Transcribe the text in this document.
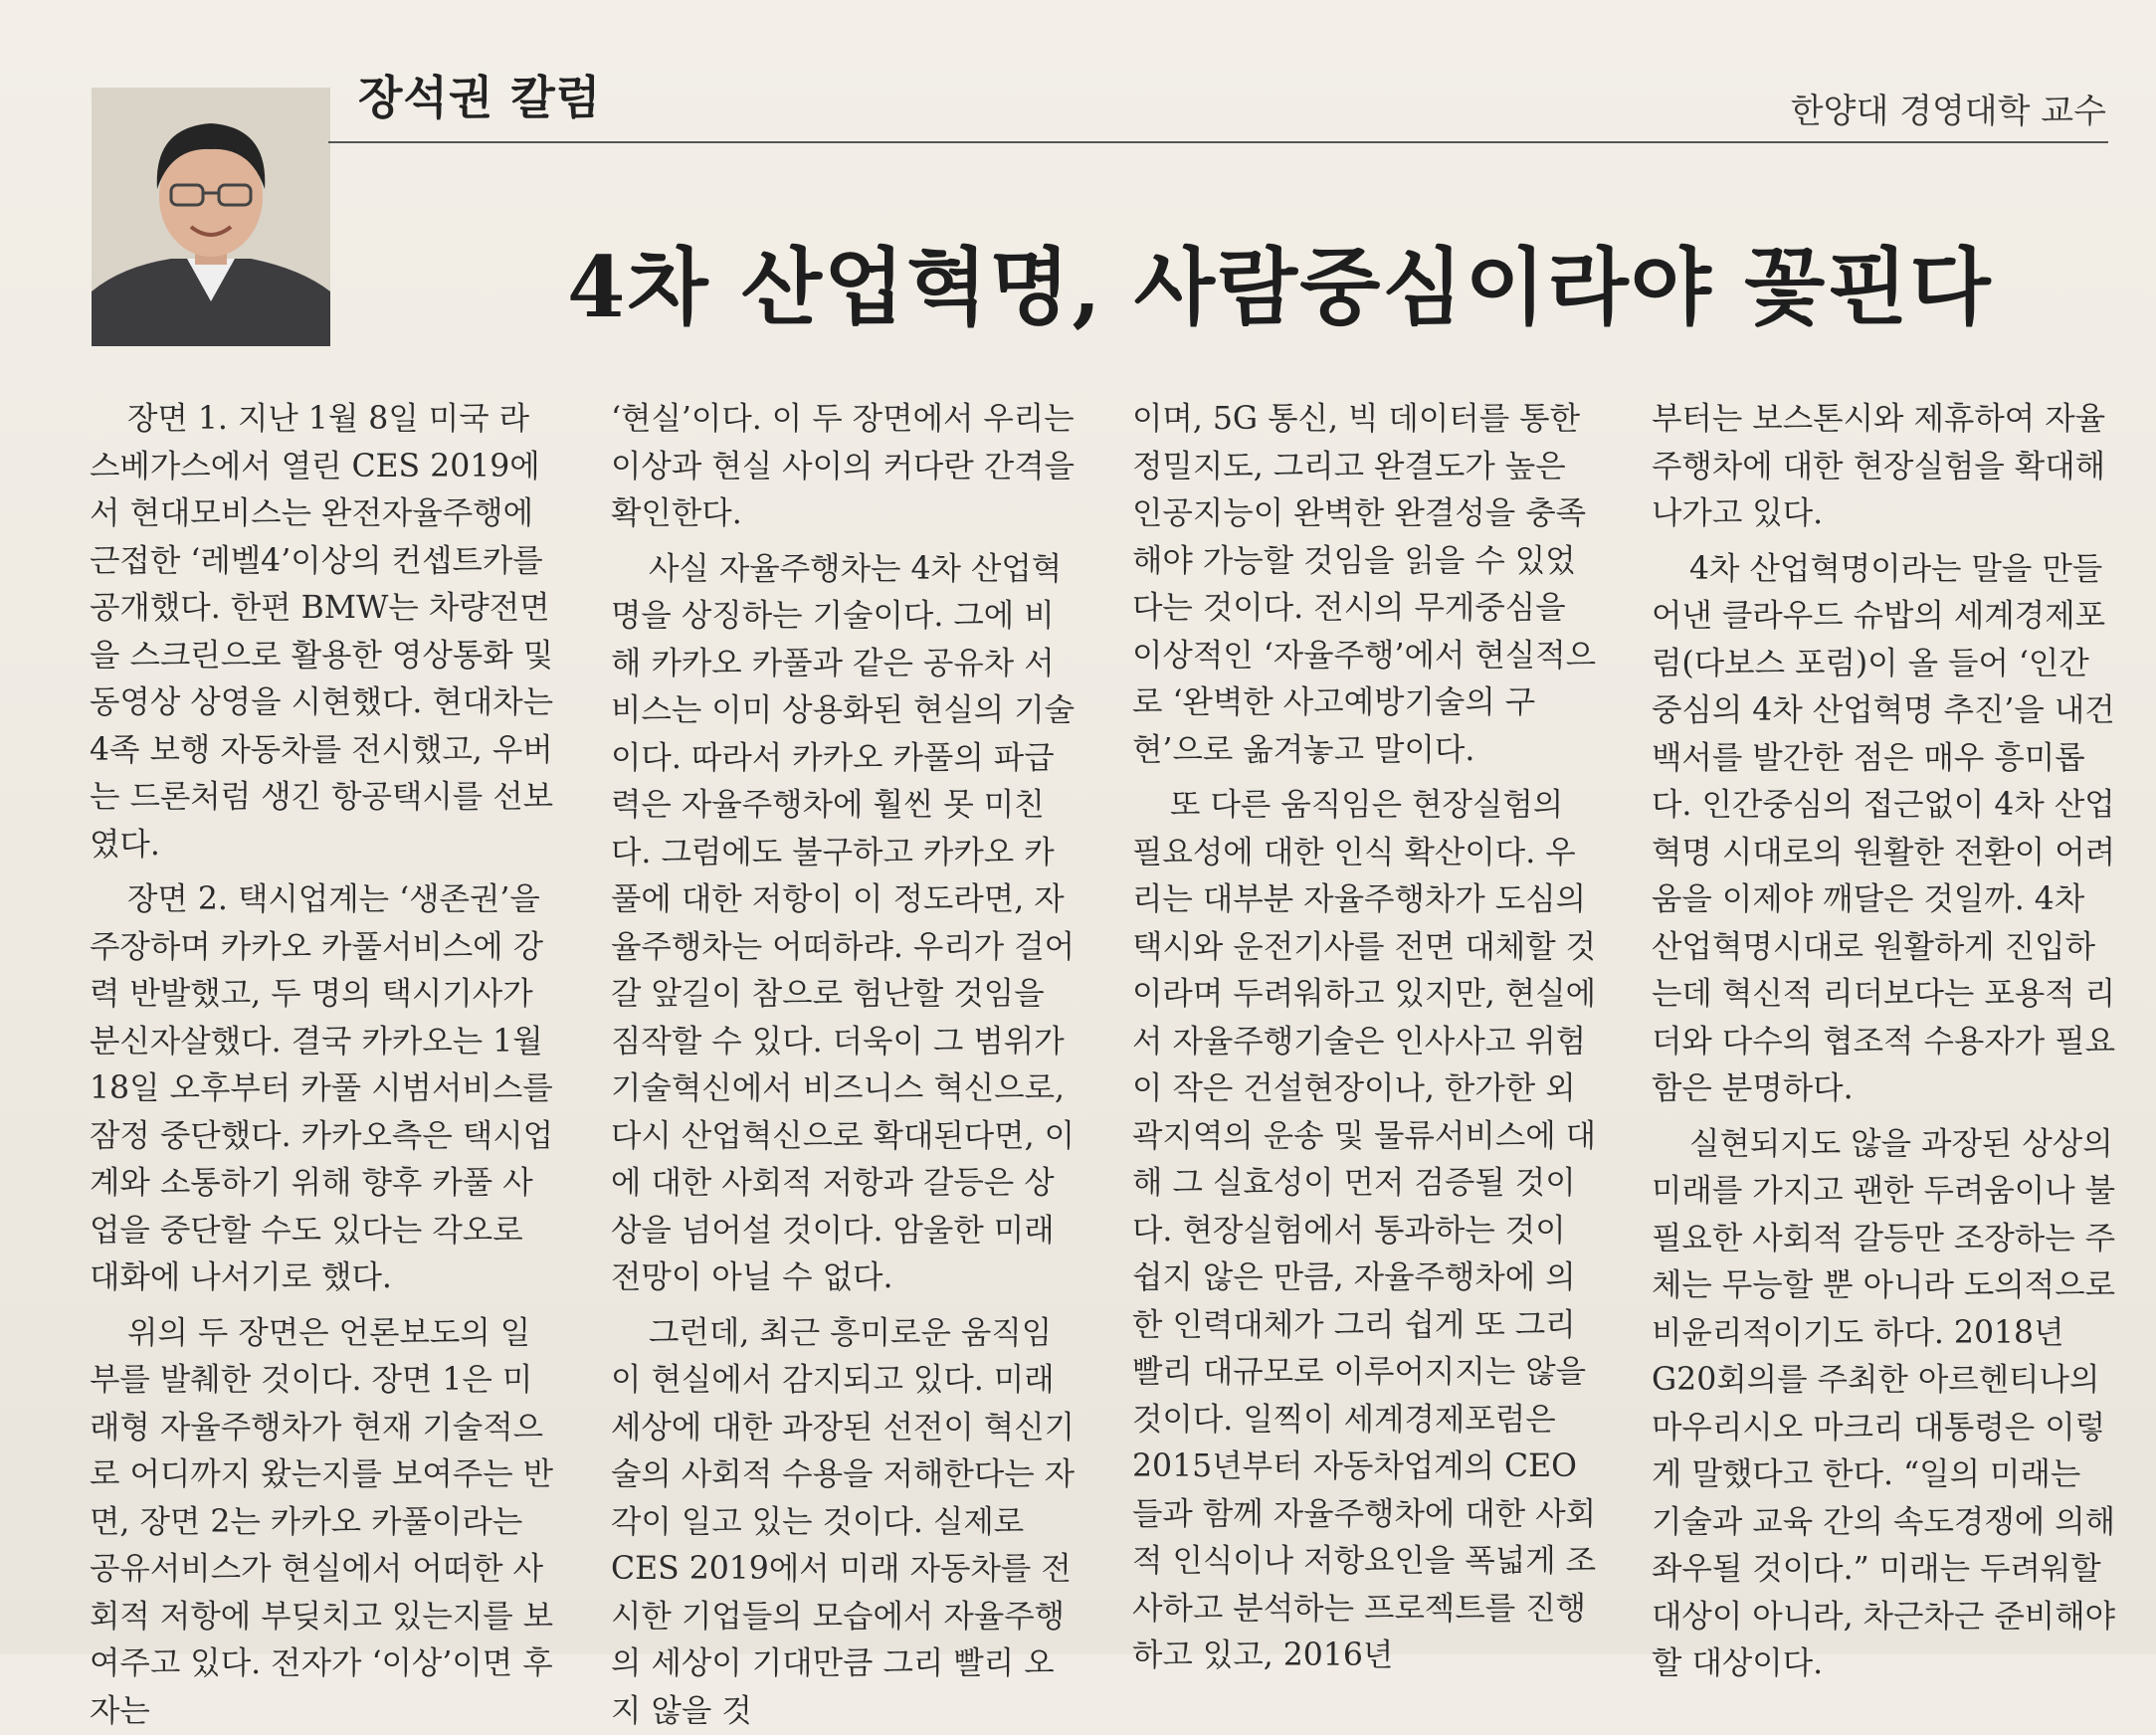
장석권 칼럼	한양대 경영대학 교수
4차 산업혁명, 사람중심이라야 꽃핀다

장면 1. 지난 1월 8일 미국 라스베가스에서 열린 CES 2019에서 현대모비스는 완전자율주행에 근접한 ‘레벨4’이상의 컨셉트카를 공개했다. 한편 BMW는 차량전면을 스크린으로 활용한 영상통화 및 동영상 상영을 시현했다. 현대차는 4족 보행 자동차를 전시했고, 우버는 드론처럼 생긴 항공택시를 선보였다.

장면 2. 택시업계는 ‘생존권’을 주장하며 카카오 카풀서비스에 강력 반발했고, 두 명의 택시기사가 분신자살했다. 결국 카카오는 1월 18일 오후부터 카풀 시범서비스를 잠정 중단했다. 카카오측은 택시업계와 소통하기 위해 향후 카풀 사업을 중단할 수도 있다는 각오로 대화에 나서기로 했다.

위의 두 장면은 언론보도의 일부를 발췌한 것이다. 장면 1은 미래형 자율주행차가 현재 기술적으로 어디까지 왔는지를 보여주는 반면, 장면 2는 카카오 카풀이라는 공유서비스가 현실에서 어떠한 사회적 저항에 부딪치고 있는지를 보여주고 있다. 전자가 ‘이상’이면 후자는

‘현실’이다. 이 두 장면에서 우리는 이상과 현실 사이의 커다란 간격을 확인한다.

사실 자율주행차는 4차 산업혁명을 상징하는 기술이다. 그에 비해 카카오 카풀과 같은 공유차 서비스는 이미 상용화된 현실의 기술이다. 따라서 카카오 카풀의 파급력은 자율주행차에 훨씬 못 미친다. 그럼에도 불구하고 카카오 카풀에 대한 저항이 이 정도라면, 자율주행차는 어떠하랴. 우리가 걸어갈 앞길이 참으로 험난할 것임을 짐작할 수 있다. 더욱이 그 범위가 기술혁신에서 비즈니스 혁신으로, 다시 산업혁신으로 확대된다면, 이에 대한 사회적 저항과 갈등은 상상을 넘어설 것이다. 암울한 미래전망이 아닐 수 없다.

그런데, 최근 흥미로운 움직임이 현실에서 감지되고 있다. 미래 세상에 대한 과장된 선전이 혁신기술의 사회적 수용을 저해한다는 자각이 일고 있는 것이다. 실제로 CES 2019에서 미래 자동차를 전시한 기업들의 모습에서 자율주행의 세상이 기대만큼 그리 빨리 오지 않을 것

이며, 5G 통신, 빅 데이터를 통한 정밀지도, 그리고 완결도가 높은 인공지능이 완벽한 완결성을 충족해야 가능할 것임을 읽을 수 있었다는 것이다. 전시의 무게중심을 이상적인 ‘자율주행’에서 현실적으로 ‘완벽한 사고예방기술의 구현’으로 옮겨놓고 말이다.

또 다른 움직임은 현장실험의 필요성에 대한 인식 확산이다. 우리는 대부분 자율주행차가 도심의 택시와 운전기사를 전면 대체할 것이라며 두려워하고 있지만, 현실에서 자율주행기술은 인사사고 위험이 작은 건설현장이나, 한가한 외곽지역의 운송 및 물류서비스에 대해 그 실효성이 먼저 검증될 것이다. 현장실험에서 통과하는 것이 쉽지 않은 만큼, 자율주행차에 의한 인력대체가 그리 쉽게 또 그리 빨리 대규모로 이루어지지는 않을 것이다. 일찍이 세계경제포럼은 2015년부터 자동차업계의 CEO들과 함께 자율주행차에 대한 사회적 인식이나 저항요인을 폭넓게 조사하고 분석하는 프로젝트를 진행하고 있고, 2016년

부터는 보스톤시와 제휴하여 자율주행차에 대한 현장실험을 확대해 나가고 있다.

4차 산업혁명이라는 말을 만들어낸 클라우드 슈밥의 세계경제포럼(다보스 포럼)이 올 들어 ‘인간중심의 4차 산업혁명 추진’을 내건 백서를 발간한 점은 매우 흥미롭다. 인간중심의 접근없이 4차 산업혁명 시대로의 원활한 전환이 어려움을 이제야 깨달은 것일까. 4차 산업혁명시대로 원활하게 진입하는데 혁신적 리더보다는 포용적 리더와 다수의 협조적 수용자가 필요함은 분명하다.

실현되지도 않을 과장된 상상의 미래를 가지고 괜한 두려움이나 불필요한 사회적 갈등만 조장하는 주체는 무능할 뿐 아니라 도의적으로 비윤리적이기도 하다. 2018년 G20회의를 주최한 아르헨티나의 마우리시오 마크리 대통령은 이렇게 말했다고 한다. “일의 미래는 기술과 교육 간의 속도경쟁에 의해 좌우될 것이다.” 미래는 두려워할 대상이 아니라, 차근차근 준비해야 할 대상이다.
